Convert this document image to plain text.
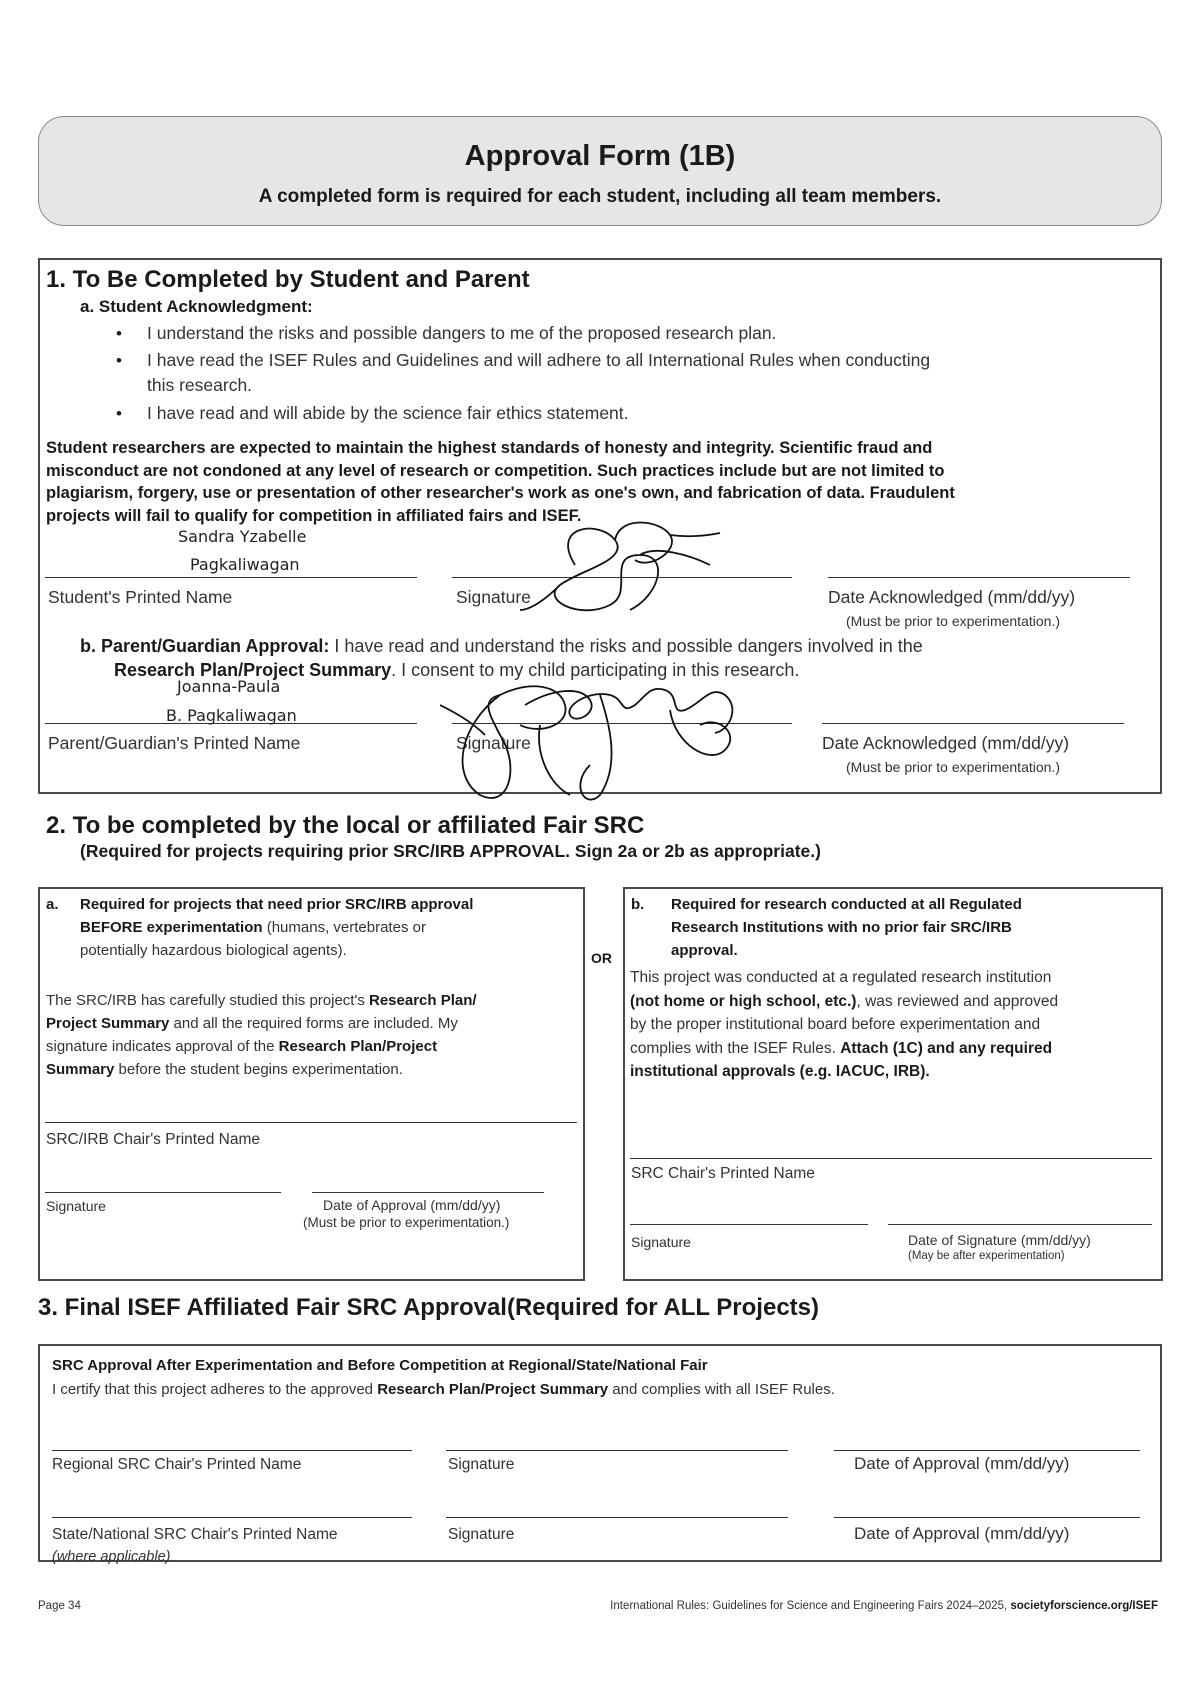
Approval Form (1B)
A completed form is required for each student, including all team members.
1. To Be Completed by Student and Parent
a. Student Acknowledgment:
• I understand the risks and possible dangers to me of the proposed research plan.
• I have read the ISEF Rules and Guidelines and will adhere to all International Rules when conducting
this research.
• I have read and will abide by the science fair ethics statement.
Student researchers are expected to maintain the highest standards of honesty and integrity. Scientific fraud and
misconduct are not condoned at any level of research or competition. Such practices include but are not limited to
plagiarism, forgery, use or presentation of other researcher's work as one's own, and fabrication of data. Fraudulent
projects will fail to qualify for competition in affiliated fairs and ISEF.
Sandra Yzabelle
Pagkaliwagan
Student's Printed Name	Signature	Date Acknowledged (mm/dd/yy)
(Must be prior to experimentation.)
b. Parent/Guardian Approval: I have read and understand the risks and possible dangers involved in the
Research Plan/Project Summary. I consent to my child participating in this research.
Joanna-Paula
B. Pagkaliwagan
Parent/Guardian's Printed Name	Signature	Date Acknowledged (mm/dd/yy)
(Must be prior to experimentation.)
2. To be completed by the local or affiliated Fair SRC
(Required for projects requiring prior SRC/IRB APPROVAL. Sign 2a or 2b as appropriate.)
a. Required for projects that need prior SRC/IRB approval
BEFORE experimentation (humans, vertebrates or
potentially hazardous biological agents).
The SRC/IRB has carefully studied this project's Research Plan/
Project Summary and all the required forms are included. My
signature indicates approval of the Research Plan/Project
Summary before the student begins experimentation.
SRC/IRB Chair's Printed Name
Signature	Date of Approval (mm/dd/yy)
(Must be prior to experimentation.)
OR
b. Required for research conducted at all Regulated
Research Institutions with no prior fair SRC/IRB
approval.
This project was conducted at a regulated research institution
(not home or high school, etc.), was reviewed and approved
by the proper institutional board before experimentation and
complies with the ISEF Rules. Attach (1C) and any required
institutional approvals (e.g. IACUC, IRB).
SRC Chair's Printed Name
Signature	Date of Signature (mm/dd/yy)
(May be after experimentation)
3. Final ISEF Affiliated Fair SRC Approval(Required for ALL Projects)
SRC Approval After Experimentation and Before Competition at Regional/State/National Fair
I certify that this project adheres to the approved Research Plan/Project Summary and complies with all ISEF Rules.
Regional SRC Chair's Printed Name	Signature	Date of Approval (mm/dd/yy)
State/National SRC Chair's Printed Name
(where applicable)
Signature	Date of Approval (mm/dd/yy)
Page 34	International Rules: Guidelines for Science and Engineering Fairs 2024–2025, societyforscience.org/ISEF
